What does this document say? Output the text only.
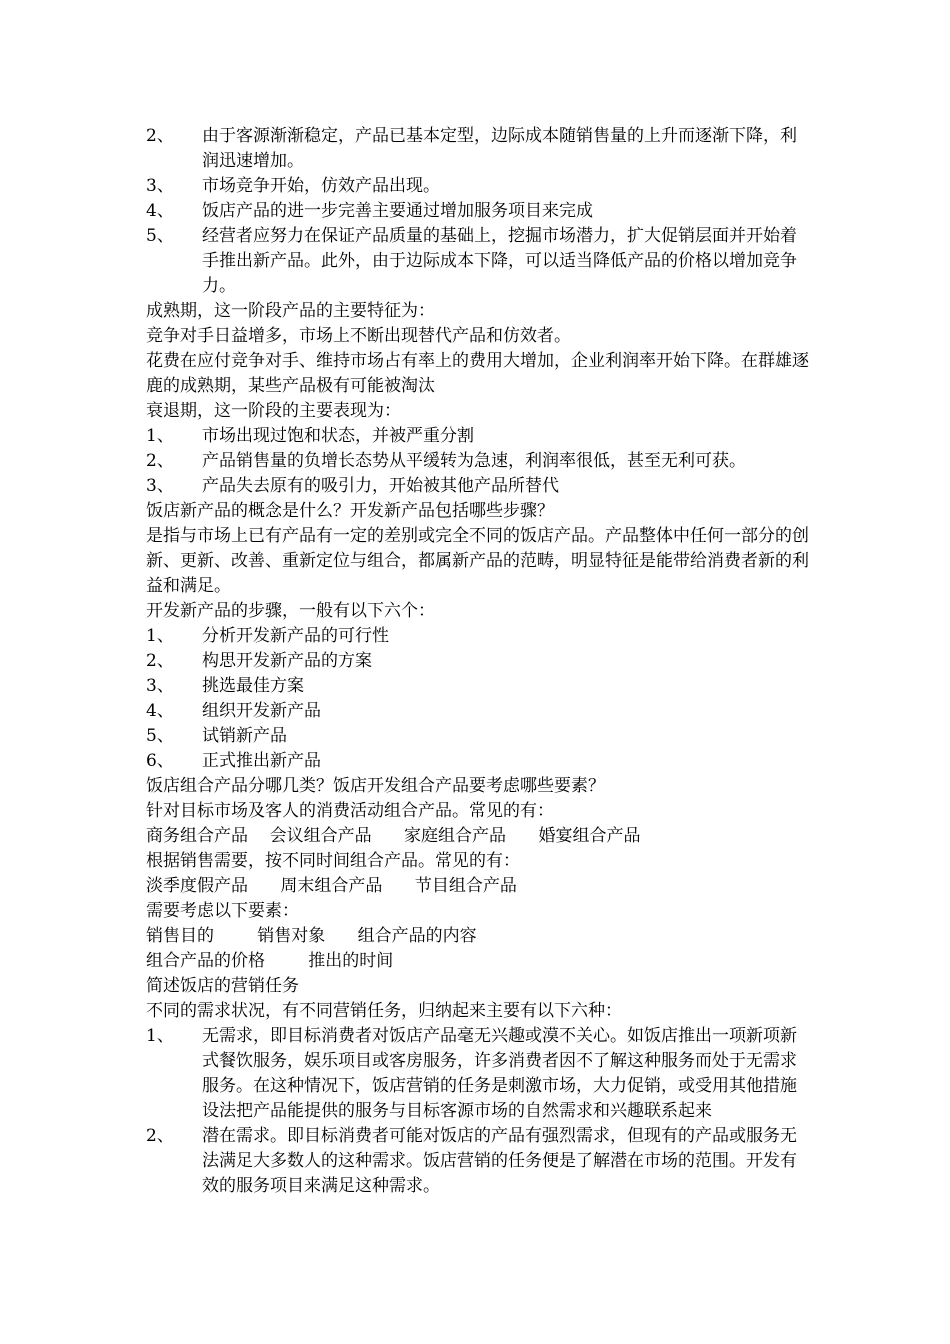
2、 由于客源渐渐稳定，产品已基本定型，边际成本随销售量的上升而逐渐下降，利润迅速增加。
3、 市场竞争开始，仿效产品出现。
4、 饭店产品的进一步完善主要通过增加服务项目来完成
5、 经营者应努力在保证产品质量的基础上，挖掘市场潜力，扩大促销层面并开始着手推出新产品。此外，由于边际成本下降，可以适当降低产品的价格以增加竞争力。

成熟期，这一阶段产品的主要特征为：

竞争对手日益增多，市场上不断出现替代产品和仿效者。

花费在应付竞争对手、维持市场占有率上的费用大增加，企业利润率开始下降。在群雄逐鹿的成熟期，某些产品极有可能被淘汰

衰退期，这一阶段的主要表现为：

1、 市场出现过饱和状态，并被严重分割
2、 产品销售量的负增长态势从平缓转为急速，利润率很低，甚至无利可获。
3、 产品失去原有的吸引力，开始被其他产品所替代

饭店新产品的概念是什么？开发新产品包括哪些步骤？

是指与市场上已有产品有一定的差别或完全不同的饭店产品。产品整体中任何一部分的创新、更新、改善、重新定位与组合，都属新产品的范畴，明显特征是能带给消费者新的利益和满足。

开发新产品的步骤，一般有以下六个：

1、 分析开发新产品的可行性
2、 构思开发新产品的方案
3、 挑选最佳方案
4、 组织开发新产品
5、 试销新产品
6、 正式推出新产品

饭店组合产品分哪几类？饭店开发组合产品要考虑哪些要素？

针对目标市场及客人的消费活动组合产品。常见的有：

商务组合产品    会议组合产品      家庭组合产品      婚宴组合产品

根据销售需要，按不同时间组合产品。常见的有：

淡季度假产品      周末组合产品      节目组合产品

需要考虑以下要素：

销售目的        销售对象      组合产品的内容

组合产品的价格        推出的时间

简述饭店的营销任务

不同的需求状况，有不同营销任务，归纳起来主要有以下六种：

1、 无需求，即目标消费者对饭店产品毫无兴趣或漠不关心。如饭店推出一项新项新式餐饮服务，娱乐项目或客房服务，许多消费者因不了解这种服务而处于无需求服务。在这种情况下，饭店营销的任务是刺激市场，大力促销，或受用其他措施设法把产品能提供的服务与目标客源市场的自然需求和兴趣联系起来
2、 潜在需求。即目标消费者可能对饭店的产品有强烈需求，但现有的产品或服务无法满足大多数人的这种需求。饭店营销的任务便是了解潜在市场的范围。开发有效的服务项目来满足这种需求。
